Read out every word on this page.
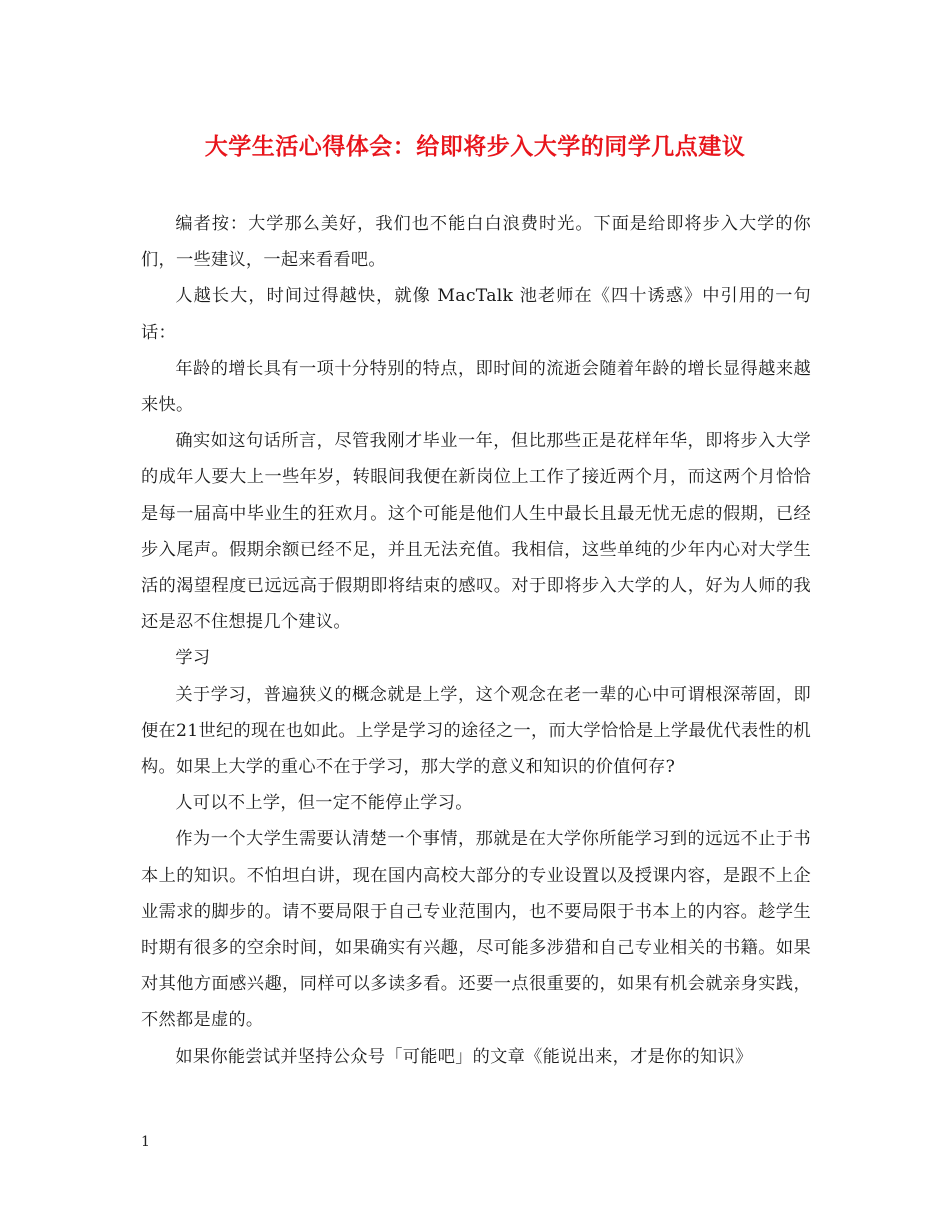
大学生活心得体会：给即将步入大学的同学几点建议

编者按：大学那么美好，我们也不能白白浪费时光。下面是给即将步入大学的你们，一些建议，一起来看看吧。

人越长大，时间过得越快，就像 MacTalk 池老师在《四十诱惑》中引用的一句话：

年龄的增长具有一项十分特别的特点，即时间的流逝会随着年龄的增长显得越来越来快。

确实如这句话所言，尽管我刚才毕业一年，但比那些正是花样年华，即将步入大学的成年人要大上一些年岁，转眼间我便在新岗位上工作了接近两个月，而这两个月恰恰是每一届高中毕业生的狂欢月。这个可能是他们人生中最长且最无忧无虑的假期，已经步入尾声。假期余额已经不足，并且无法充值。我相信，这些单纯的少年内心对大学生活的渴望程度已远远高于假期即将结束的感叹。对于即将步入大学的人，好为人师的我还是忍不住想提几个建议。

学习

关于学习，普遍狭义的概念就是上学，这个观念在老一辈的心中可谓根深蒂固，即便在21世纪的现在也如此。上学是学习的途径之一，而大学恰恰是上学最优代表性的机构。如果上大学的重心不在于学习，那大学的意义和知识的价值何存?

人可以不上学，但一定不能停止学习。

作为一个大学生需要认清楚一个事情，那就是在大学你所能学习到的远远不止于书本上的知识。不怕坦白讲，现在国内高校大部分的专业设置以及授课内容，是跟不上企业需求的脚步的。请不要局限于自己专业范围内，也不要局限于书本上的内容。趁学生时期有很多的空余时间，如果确实有兴趣，尽可能多涉猎和自己专业相关的书籍。如果对其他方面感兴趣，同样可以多读多看。还要一点很重要的，如果有机会就亲身实践，不然都是虚的。

如果你能尝试并坚持公众号「可能吧」的文章《能说出来，才是你的知识》

1
